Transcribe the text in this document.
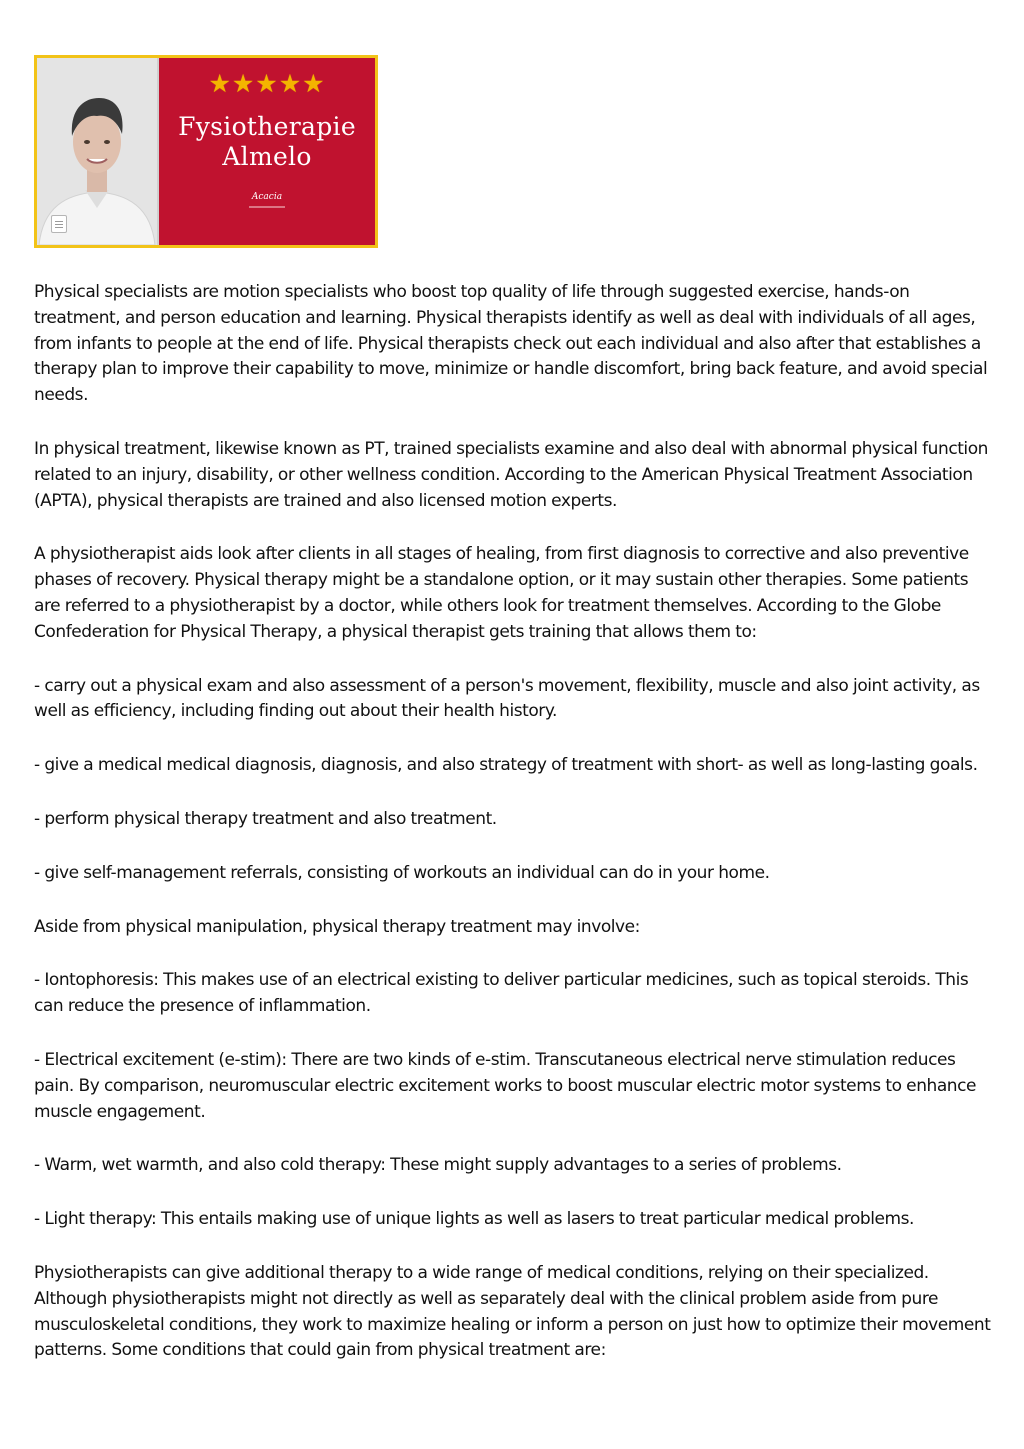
★★★★★
Fysiotherapie
Almelo
Acacia

Physical specialists are motion specialists who boost top quality of life through suggested exercise, hands-on treatment, and person education and learning. Physical therapists identify as well as deal with individuals of all ages, from infants to people at the end of life. Physical therapists check out each individual and also after that establishes a therapy plan to improve their capability to move, minimize or handle discomfort, bring back feature, and avoid special needs.

In physical treatment, likewise known as PT, trained specialists examine and also deal with abnormal physical function related to an injury, disability, or other wellness condition. According to the American Physical Treatment Association (APTA), physical therapists are trained and also licensed motion experts.

A physiotherapist aids look after clients in all stages of healing, from first diagnosis to corrective and also preventive phases of recovery. Physical therapy might be a standalone option, or it may sustain other therapies. Some patients are referred to a physiotherapist by a doctor, while others look for treatment themselves. According to the Globe Confederation for Physical Therapy, a physical therapist gets training that allows them to:

- carry out a physical exam and also assessment of a person's movement, flexibility, muscle and also joint activity, as well as efficiency, including finding out about their health history.

- give a medical medical diagnosis, diagnosis, and also strategy of treatment with short- as well as long-lasting goals.

- perform physical therapy treatment and also treatment.

- give self-management referrals, consisting of workouts an individual can do in your home.

Aside from physical manipulation, physical therapy treatment may involve:

- Iontophoresis: This makes use of an electrical existing to deliver particular medicines, such as topical steroids. This can reduce the presence of inflammation.

- Electrical excitement (e-stim): There are two kinds of e-stim. Transcutaneous electrical nerve stimulation reduces pain. By comparison, neuromuscular electric excitement works to boost muscular electric motor systems to enhance muscle engagement.

- Warm, wet warmth, and also cold therapy: These might supply advantages to a series of problems.

- Light therapy: This entails making use of unique lights as well as lasers to treat particular medical problems.

Physiotherapists can give additional therapy to a wide range of medical conditions, relying on their specialized. Although physiotherapists might not directly as well as separately deal with the clinical problem aside from pure musculoskeletal conditions, they work to maximize healing or inform a person on just how to optimize their movement patterns. Some conditions that could gain from physical treatment are:
